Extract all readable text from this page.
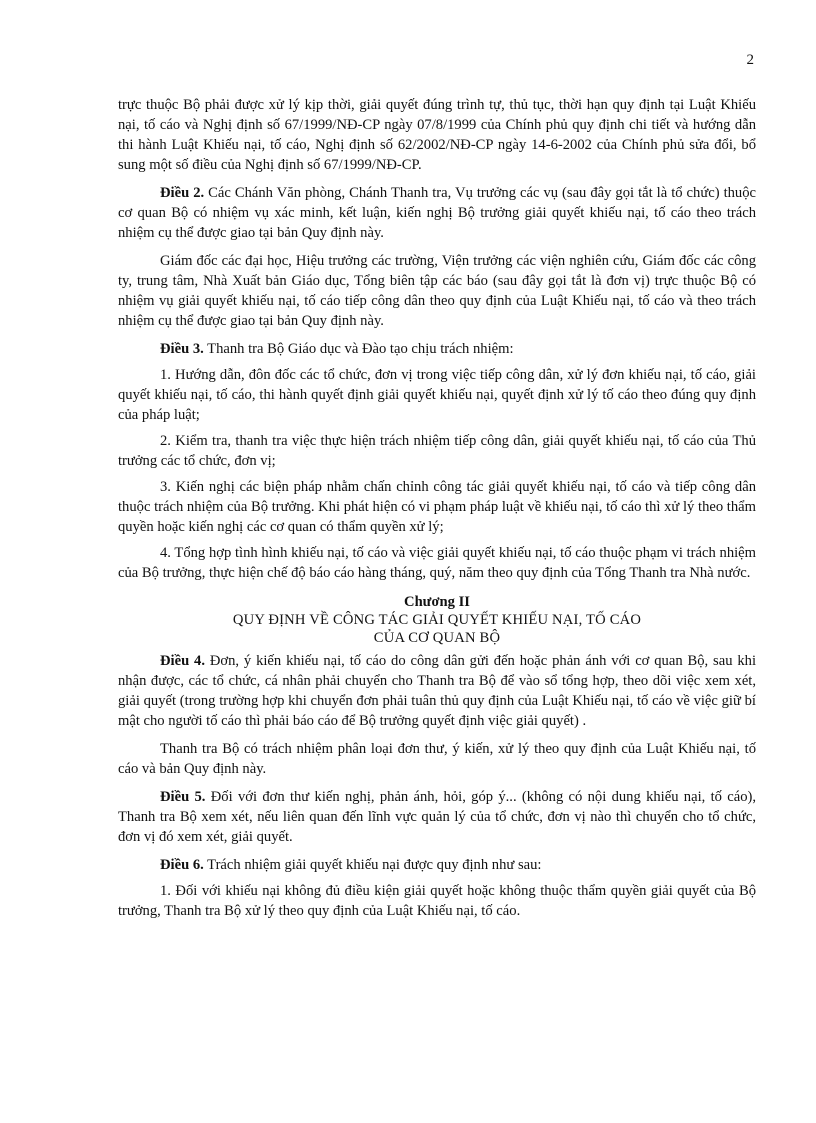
2

trực thuộc Bộ phải được xử lý kịp thời, giải quyết đúng trình tự, thủ tục, thời hạn quy định tại Luật Khiếu nại, tố cáo và Nghị định số 67/1999/NĐ-CP ngày 07/8/1999 của Chính phủ quy định chi tiết và hướng dẫn thi hành Luật Khiếu nại, tố cáo, Nghị định số 62/2002/NĐ-CP ngày 14-6-2002 của Chính phủ sửa đổi, bổ sung một số điều của Nghị định số 67/1999/NĐ-CP.

Điều 2. Các Chánh Văn phòng, Chánh Thanh tra, Vụ trưởng các vụ (sau đây gọi tắt là tổ chức) thuộc cơ quan Bộ có nhiệm vụ xác minh, kết luận, kiến nghị Bộ trưởng giải quyết khiếu nại, tố cáo theo trách nhiệm cụ thể được giao tại bản Quy định này.

Giám đốc các đại học, Hiệu trưởng các trường, Viện trưởng các viện nghiên cứu, Giám đốc các công ty, trung tâm, Nhà Xuất bản Giáo dục, Tổng biên tập các báo (sau đây gọi tắt là đơn vị) trực thuộc Bộ có nhiệm vụ giải quyết khiếu nại, tố cáo tiếp công dân theo quy định của Luật Khiếu nại, tố cáo và theo trách nhiệm cụ thể được giao tại bản Quy định này.

Điều 3. Thanh tra Bộ Giáo dục và Đào tạo chịu trách nhiệm:

1. Hướng dẫn, đôn đốc các tổ chức, đơn vị trong việc tiếp công dân, xử lý đơn khiếu nại, tố cáo, giải quyết khiếu nại, tố cáo, thi hành quyết định giải quyết khiếu nại, quyết định xử lý tố cáo theo đúng quy định của pháp luật;

2. Kiểm tra, thanh tra việc thực hiện trách nhiệm tiếp công dân, giải quyết khiếu nại, tố cáo của Thủ trưởng các tổ chức, đơn vị;

3. Kiến nghị các biện pháp nhằm chấn chỉnh công tác giải quyết khiếu nại, tố cáo và tiếp công dân thuộc trách nhiệm của Bộ trưởng. Khi phát hiện có vi phạm pháp luật về khiếu nại, tố cáo thì xử lý theo thẩm quyền hoặc kiến nghị các cơ quan có thẩm quyền xử lý;

4. Tổng hợp tình hình khiếu nại, tố cáo và việc giải quyết khiếu nại, tố cáo thuộc phạm vi trách nhiệm của Bộ trưởng, thực hiện chế độ báo cáo hàng tháng, quý, năm theo quy định của Tổng Thanh tra Nhà nước.

Chương II
QUY ĐỊNH VỀ CÔNG TÁC GIẢI QUYẾT KHIẾU NẠI, TỐ CÁO
CỦA CƠ QUAN BỘ

Điều 4. Đơn, ý kiến khiếu nại, tố cáo do công dân gửi đến hoặc phản ánh với cơ quan Bộ, sau khi nhận được, các tổ chức, cá nhân phải chuyển cho Thanh tra Bộ để vào sổ tổng hợp, theo dõi việc xem xét, giải quyết (trong trường hợp khi chuyển đơn phải tuân thủ quy định của Luật Khiếu nại, tố cáo về việc giữ bí mật cho người tố cáo thì phải báo cáo để Bộ trưởng quyết định việc giải quyết) .

Thanh tra Bộ có trách nhiệm phân loại đơn thư, ý kiến, xử lý theo quy định của Luật Khiếu nại, tố cáo và bản Quy định này.

Điều 5. Đối với đơn thư kiến nghị, phản ánh, hỏi, góp ý... (không có nội dung khiếu nại, tố cáo), Thanh tra Bộ xem xét, nếu liên quan đến lĩnh vực quản lý của tổ chức, đơn vị nào thì chuyển cho tổ chức, đơn vị đó xem xét, giải quyết.

Điều 6. Trách nhiệm giải quyết khiếu nại được quy định như sau:

1. Đối với khiếu nại không đủ điều kiện giải quyết hoặc không thuộc thẩm quyền giải quyết của Bộ trưởng, Thanh tra Bộ xử lý theo quy định của Luật Khiếu nại, tố cáo.
